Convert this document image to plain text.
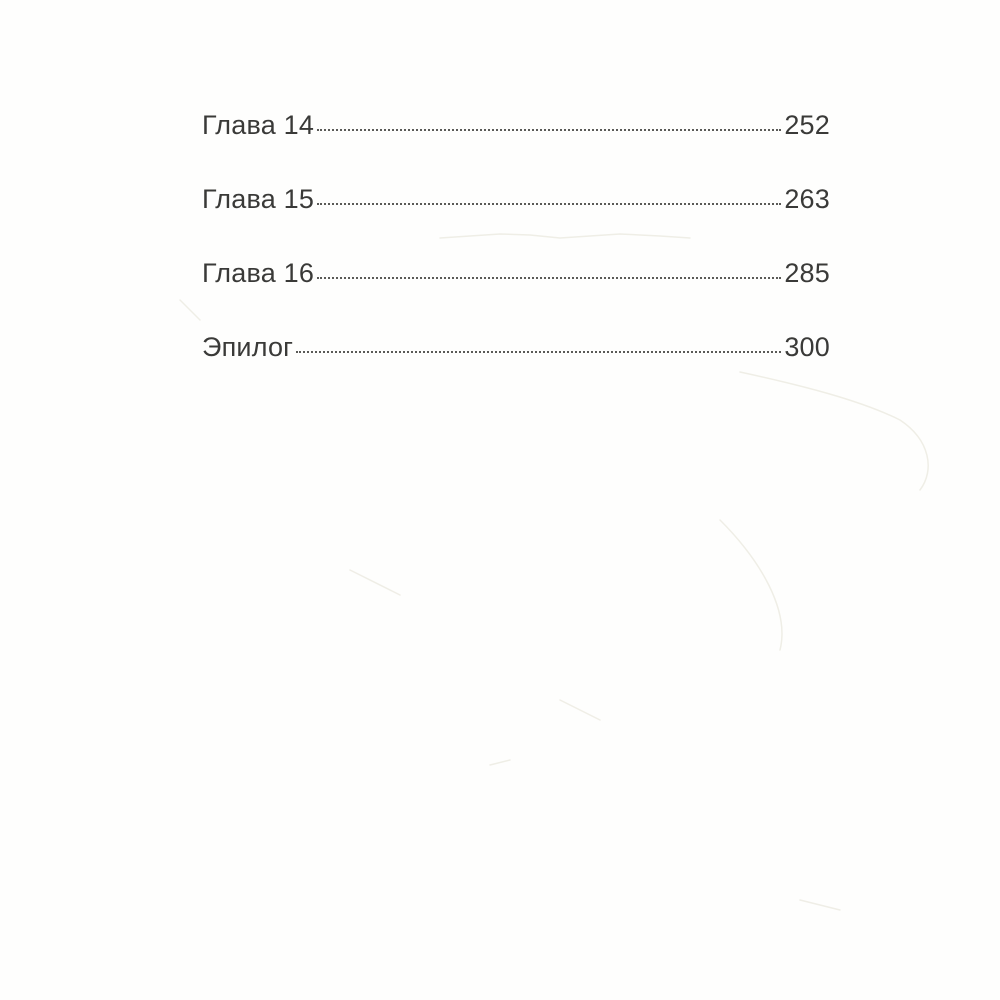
Глава 14	252
Глава 15	263
Глава 16	285
Эпилог	300
